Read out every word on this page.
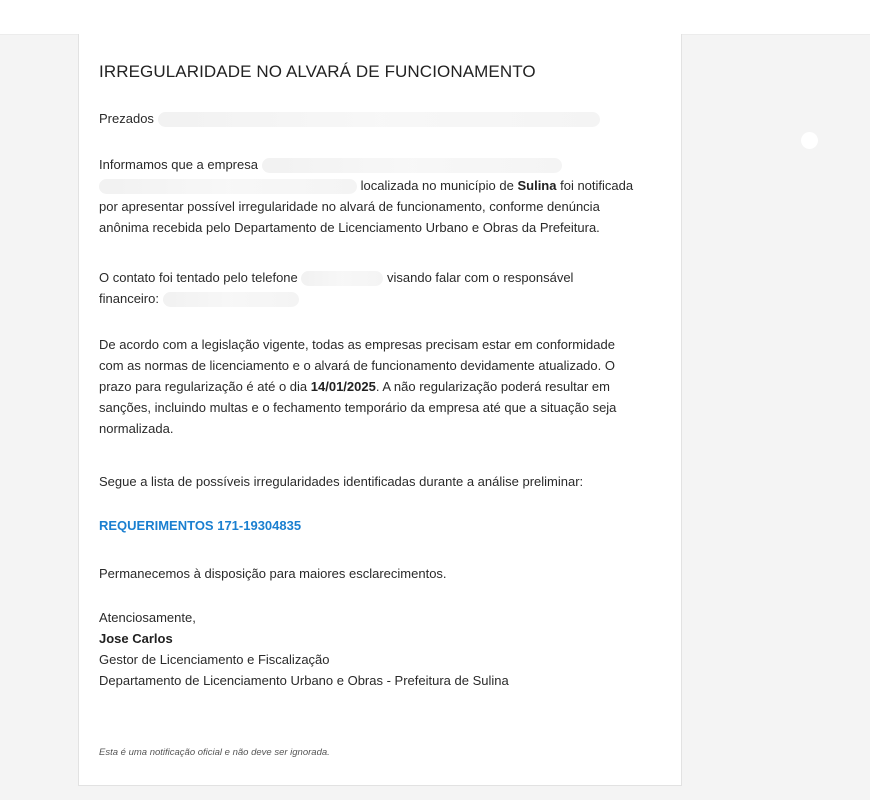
IRREGULARIDADE NO ALVARÁ DE FUNCIONAMENTO
Prezados
Informamos que a empresa
localizada no município de Sulina foi notificada
por apresentar possível irregularidade no alvará de funcionamento, conforme denúncia
anônima recebida pelo Departamento de Licenciamento Urbano e Obras da Prefeitura.
O contato foi tentado pelo telefone	visando falar com o responsável
financeiro:
De acordo com a legislação vigente, todas as empresas precisam estar em conformidade
com as normas de licenciamento e o alvará de funcionamento devidamente atualizado. O
prazo para regularização é até o dia 14/01/2025. A não regularização poderá resultar em
sanções, incluindo multas e o fechamento temporário da empresa até que a situação seja
normalizada.
Segue a lista de possíveis irregularidades identificadas durante a análise preliminar:
REQUERIMENTOS 171-19304835
Permanecemos à disposição para maiores esclarecimentos.
Atenciosamente,
Jose Carlos
Gestor de Licenciamento e Fiscalização
Departamento de Licenciamento Urbano e Obras - Prefeitura de Sulina
Esta é uma notificação oficial e não deve ser ignorada.
